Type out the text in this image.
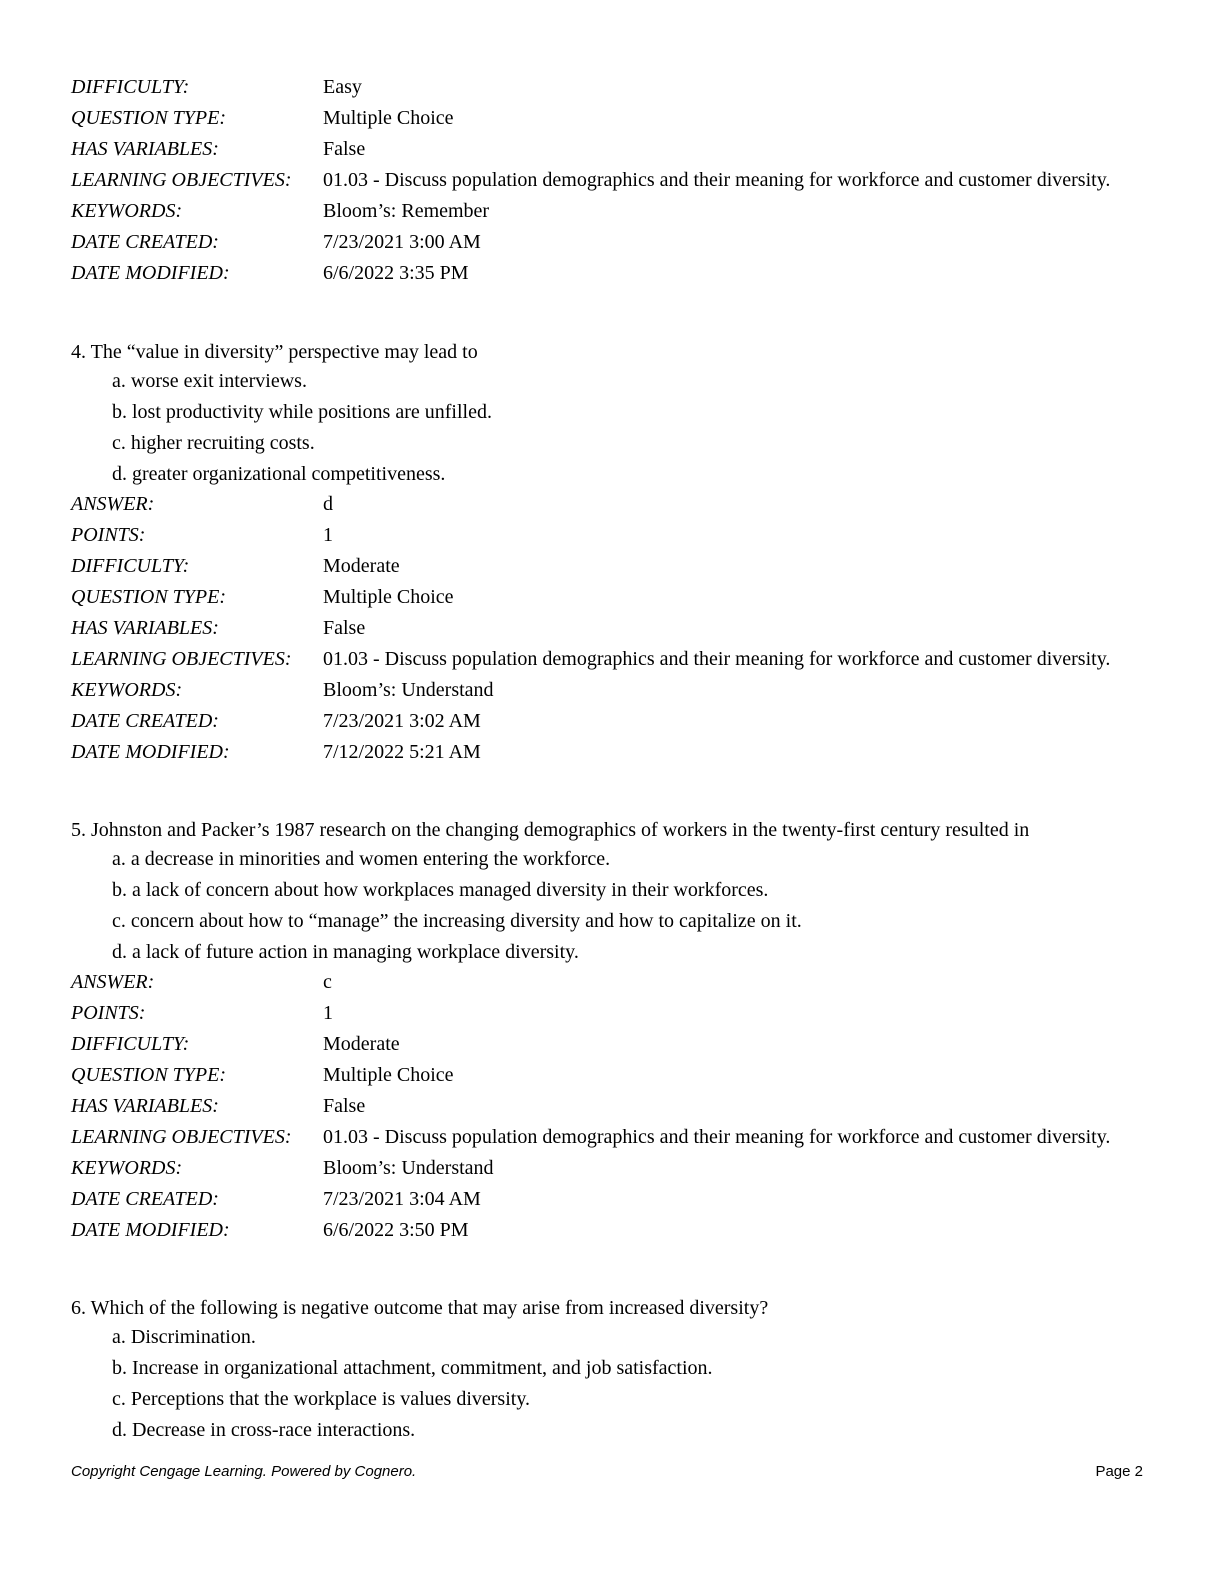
DIFFICULTY:	Easy
QUESTION TYPE:	Multiple Choice
HAS VARIABLES:	False
LEARNING OBJECTIVES:	01.03 - Discuss population demographics and their meaning for workforce and customer diversity.
KEYWORDS:	Bloom’s: Remember
DATE CREATED:	7/23/2021 3:00 AM
DATE MODIFIED:	6/6/2022 3:35 PM
4. The “value in diversity” perspective may lead to
a. worse exit interviews.
b. lost productivity while positions are unfilled.
c. higher recruiting costs.
d. greater organizational competitiveness.
ANSWER:	d
POINTS:	1
DIFFICULTY:	Moderate
QUESTION TYPE:	Multiple Choice
HAS VARIABLES:	False
LEARNING OBJECTIVES:	01.03 - Discuss population demographics and their meaning for workforce and customer diversity.
KEYWORDS:	Bloom’s: Understand
DATE CREATED:	7/23/2021 3:02 AM
DATE MODIFIED:	7/12/2022 5:21 AM
5. Johnston and Packer’s 1987 research on the changing demographics of workers in the twenty-first century resulted in
a. a decrease in minorities and women entering the workforce.
b. a lack of concern about how workplaces managed diversity in their workforces.
c. concern about how to “manage” the increasing diversity and how to capitalize on it.
d. a lack of future action in managing workplace diversity.
ANSWER:	c
POINTS:	1
DIFFICULTY:	Moderate
QUESTION TYPE:	Multiple Choice
HAS VARIABLES:	False
LEARNING OBJECTIVES:	01.03 - Discuss population demographics and their meaning for workforce and customer diversity.
KEYWORDS:	Bloom’s: Understand
DATE CREATED:	7/23/2021 3:04 AM
DATE MODIFIED:	6/6/2022 3:50 PM
6. Which of the following is negative outcome that may arise from increased diversity?
a. Discrimination.
b. Increase in organizational attachment, commitment, and job satisfaction.
c. Perceptions that the workplace is values diversity.
d. Decrease in cross-race interactions.
Copyright Cengage Learning. Powered by Cognero.	Page 2
